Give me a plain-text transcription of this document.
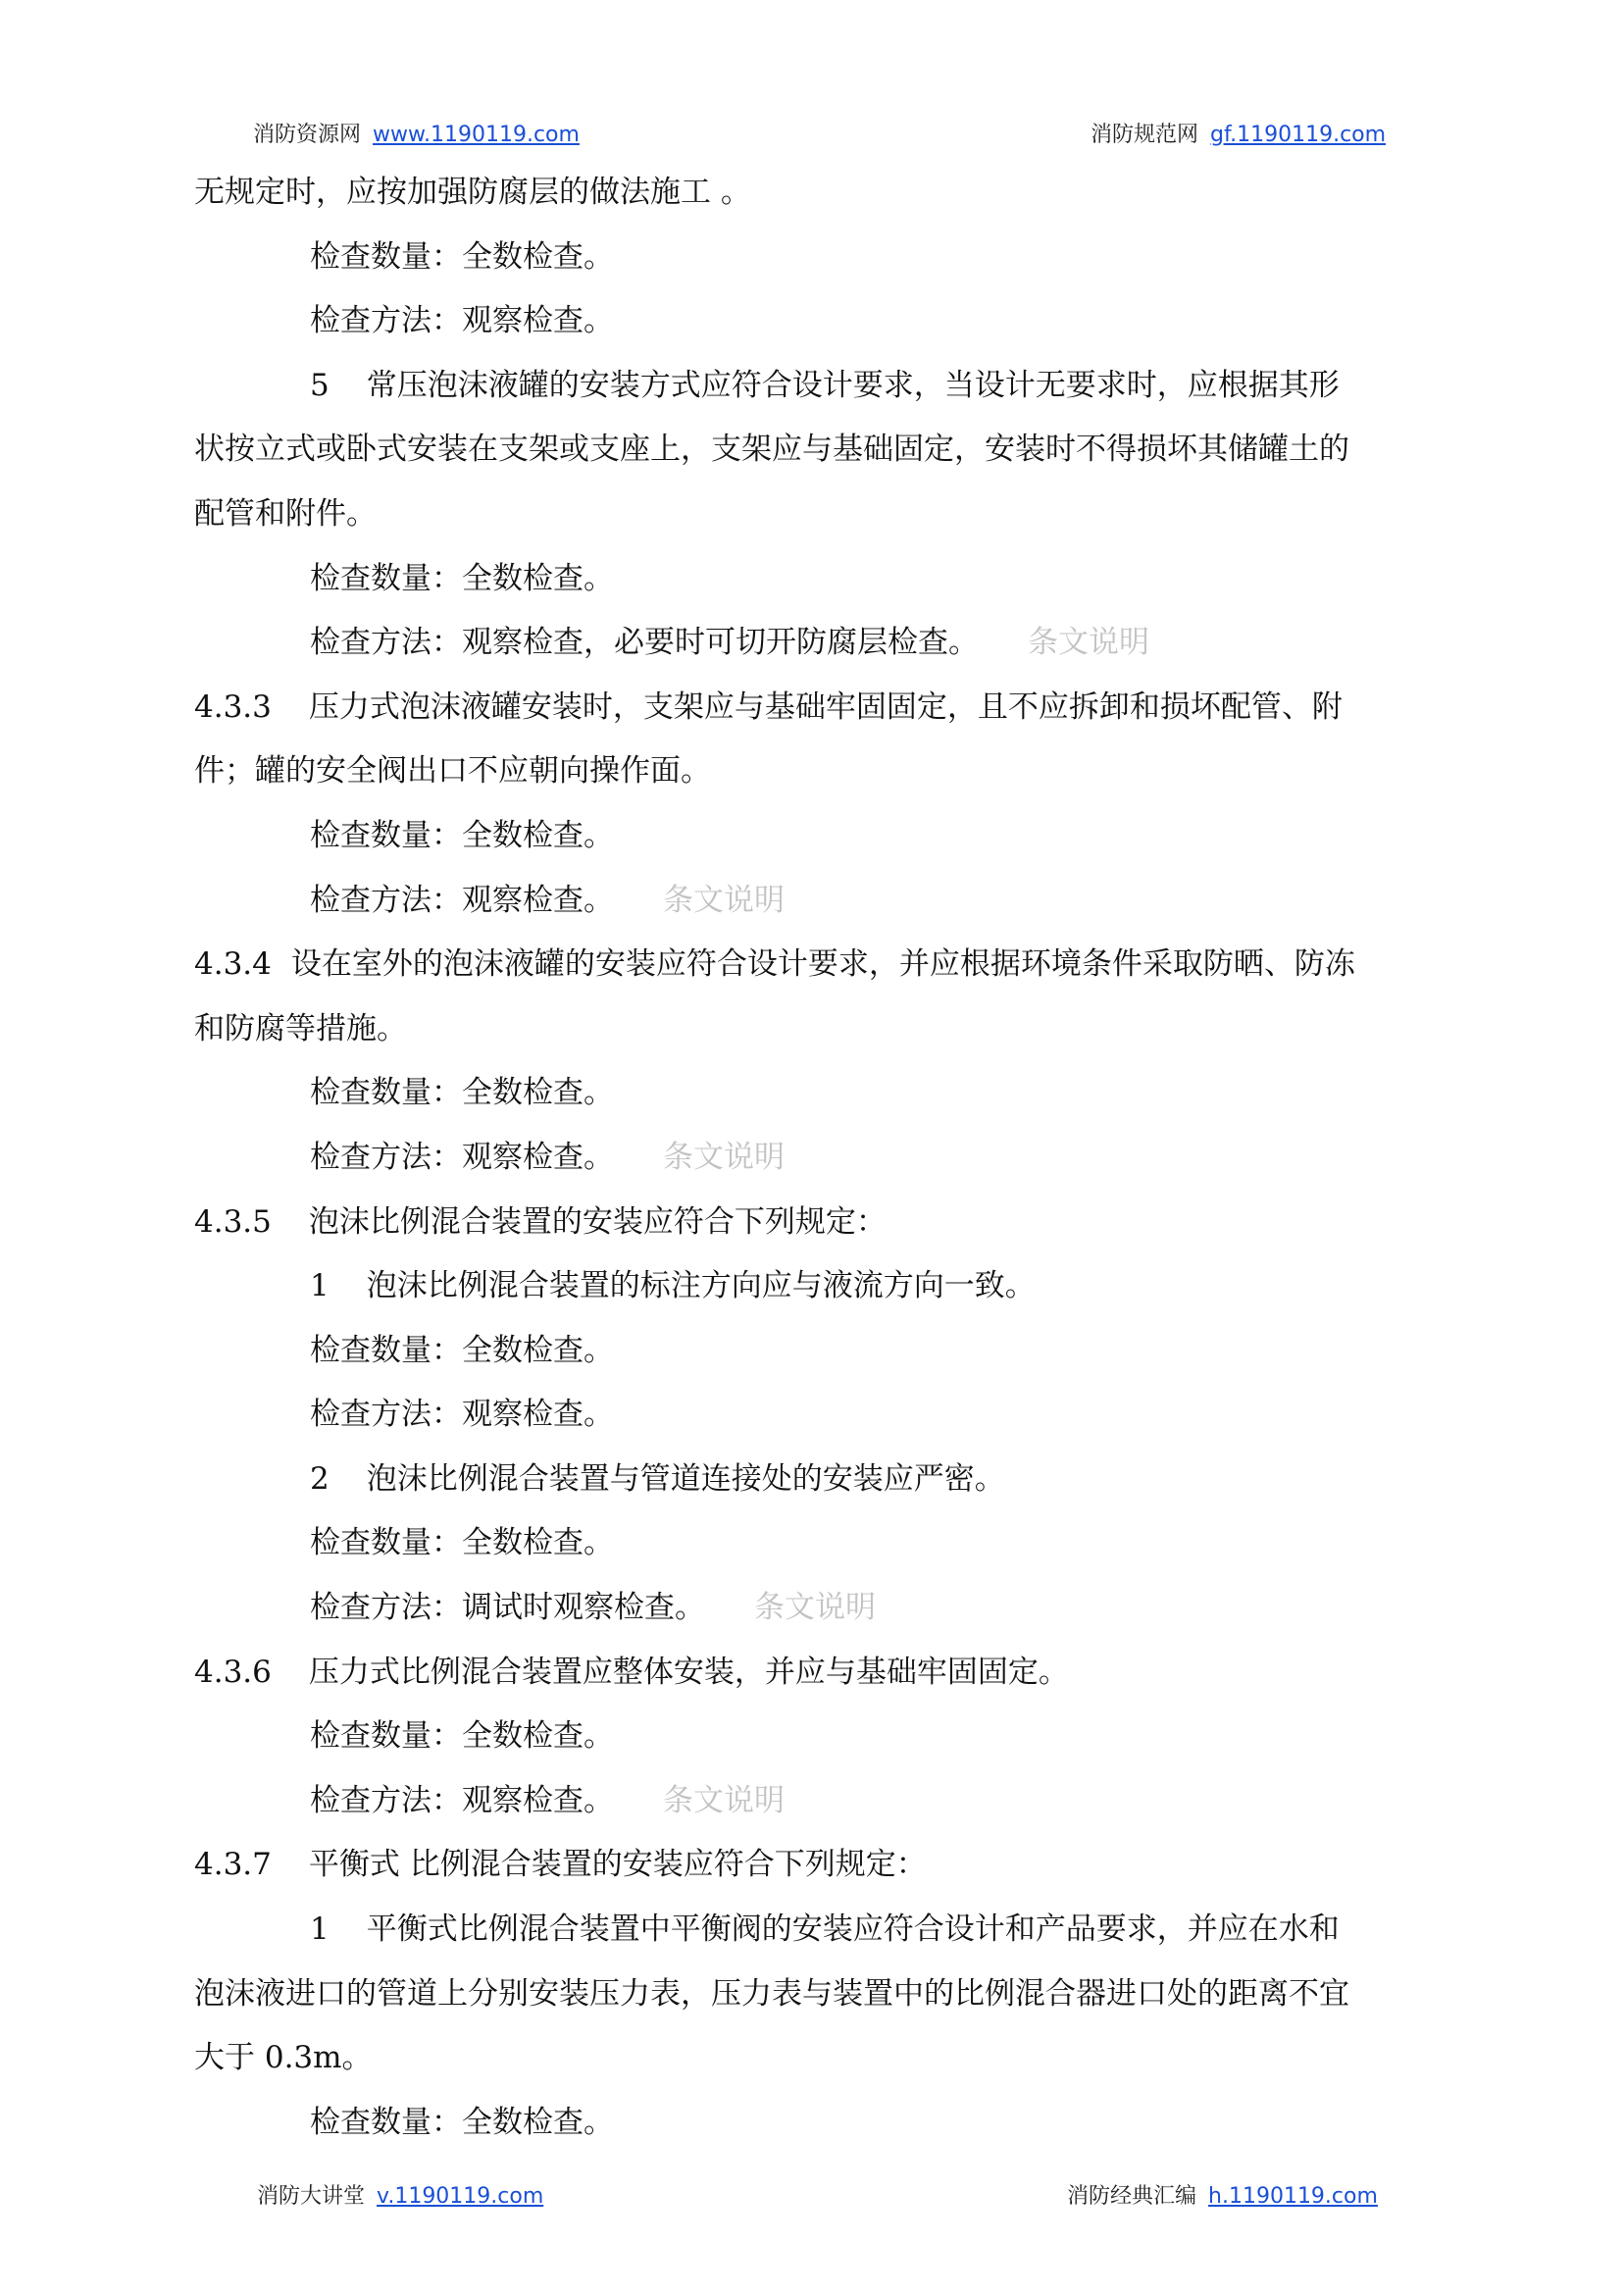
消防资源网 www.1190119.com	消防规范网 gf.1190119.com
无规定时，应按加强防腐层的做法施工 。
检查数量：全数检查。
检查方法：观察检查。
5 常压泡沫液罐的安装方式应符合设计要求，当设计无要求时，应根据其形
状按立式或卧式安装在支架或支座上，支架应与基础固定，安装时不得损坏其储罐土的
配管和附件。
检查数量：全数检查。
检查方法：观察检查，必要时可切开防腐层检查。 条文说明
4.3.3 压力式泡沫液罐安装时，支架应与基础牢固固定，且不应拆卸和损坏配管、附
件；罐的安全阀出口不应朝向操作面。
检查数量：全数检查。
检查方法：观察检查。 条文说明
4.3.4 设在室外的泡沫液罐的安装应符合设计要求，并应根据环境条件采取防晒、防冻
和防腐等措施。
检查数量：全数检查。
检查方法：观察检查。 条文说明
4.3.5 泡沫比例混合装置的安装应符合下列规定：
1 泡沫比例混合装置的标注方向应与液流方向一致。
检查数量：全数检查。
检查方法：观察检查。
2 泡沫比例混合装置与管道连接处的安装应严密。
检查数量：全数检查。
检查方法：调试时观察检查。 条文说明
4.3.6 压力式比例混合装置应整体安装，并应与基础牢固固定。
检查数量：全数检查。
检查方法：观察检查。 条文说明
4.3.7 平衡式 比例混合装置的安装应符合下列规定：
1 平衡式比例混合装置中平衡阀的安装应符合设计和产品要求，并应在水和
泡沫液进口的管道上分别安装压力表，压力表与装置中的比例混合器进口处的距离不宜
大于 0.3m。
检查数量：全数检查。
消防大讲堂 v.1190119.com	消防经典汇编 h.1190119.com
